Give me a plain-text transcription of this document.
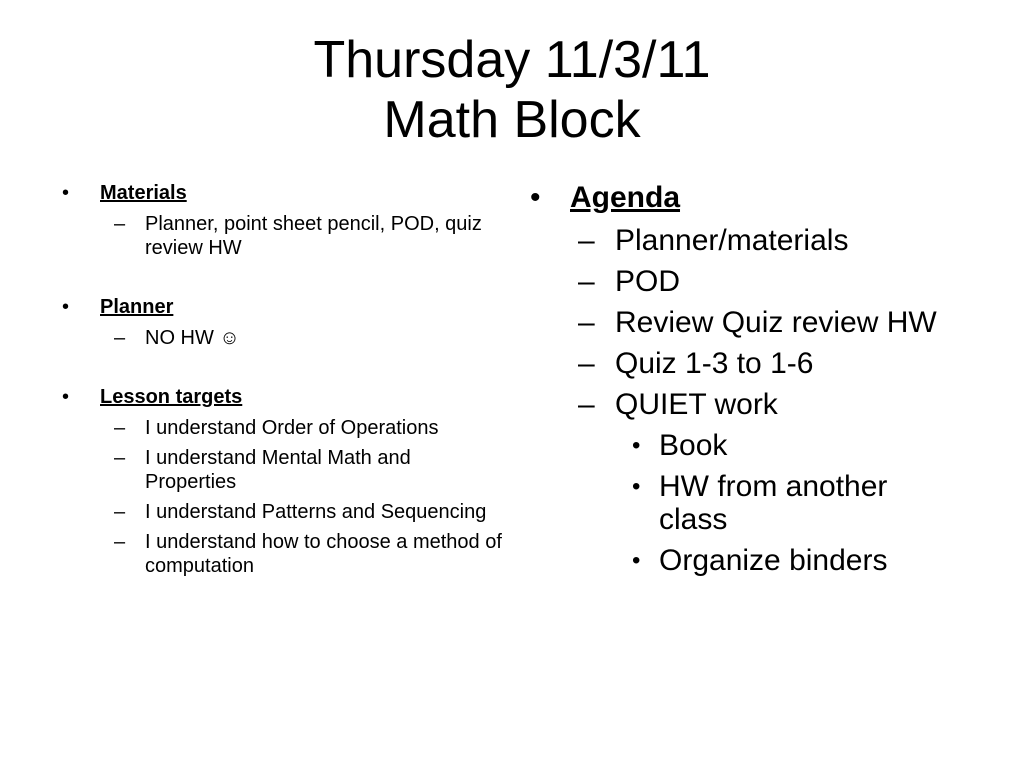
Thursday 11/3/11
Math Block
• Materials
– Planner, point sheet pencil, POD, quiz review HW
• Planner
– NO HW ☺
• Lesson targets
– I understand Order of Operations
– I understand Mental Math and Properties
– I understand Patterns and Sequencing
– I understand how to choose a method of computation
• Agenda
– Planner/materials
– POD
– Review Quiz review HW
– Quiz 1-3 to 1-6
– QUIET work
• Book
• HW from another class
• Organize binders
